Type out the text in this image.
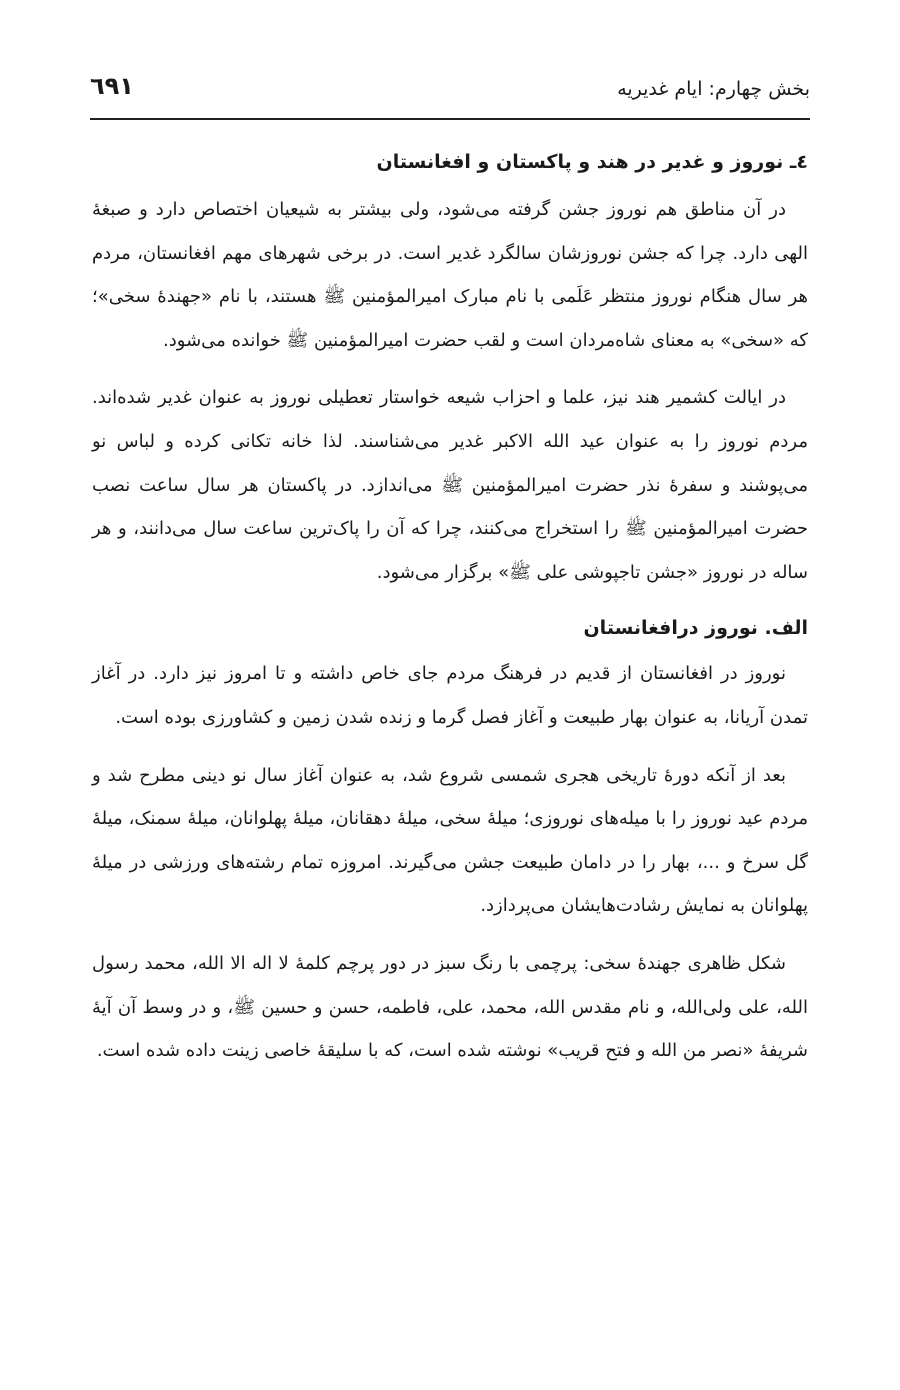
بخش چهارم: ایام غدیریه
٦٩١
٤ـ نوروز و غدیر در هند و پاکستان و افغانستان

در آن مناطق هم نوروز جشن گرفته می‌شود، ولی بیشتر به شیعیان اختصاص دارد و صبغهٔ الهی دارد. چرا که جشن نوروزشان سالگرد غدیر است. در برخی شهرهای مهم افغانستان، مردم هر سال هنگام نوروز منتظر عَلَمی با نام مبارک امیرالمؤمنین ﷺ هستند، با نام «جهندهٔ سخی»؛ که «سخی» به معنای شاه‌مردان است و لقب حضرت امیرالمؤمنین ﷺ خوانده می‌شود.

در ایالت کشمیر هند نیز، علما و احزاب شیعه خواستار تعطیلی نوروز به عنوان غدیر شده‌اند. مردم نوروز را به عنوان عید الله الاکبر غدیر می‌شناسند. لذا خانه تکانی کرده و لباس نو می‌پوشند و سفرهٔ نذر حضرت امیرالمؤمنین ﷺ می‌اندازد. در پاکستان هر سال ساعت نصب حضرت امیرالمؤمنین ﷺ را استخراج می‌کنند، چرا که آن را پاک‌ترین ساعت سال می‌دانند، و هر ساله در نوروز «جشن تاجپوشی علی ﷺ» برگزار می‌شود.

الف. نوروز درافغانستان

نوروز در افغانستان از قدیم در فرهنگ مردم جای خاص داشته و تا امروز نیز دارد. در آغاز تمدن آریانا، به عنوان بهار طبیعت و آغاز فصل گرما و زنده شدن زمین و کشاورزی بوده است.

بعد از آنکه دورهٔ تاریخی هجری شمسی شروع شد، به عنوان آغاز سال نو دینی مطرح شد و مردم عید نوروز را با میله‌های نوروزی؛ میلهٔ سخی، میلهٔ دهقانان، میلهٔ پهلوانان، میلهٔ سمنک، میلهٔ گل سرخ و ...، بهار را در دامان طبیعت جشن می‌گیرند. امروزه تمام رشته‌های ورزشی در میلهٔ پهلوانان به نمایش رشادت‌هایشان می‌پردازد.

شکل ظاهری جهندهٔ سخی: پرچمی با رنگ سبز در دور پرچم کلمهٔ لا اله الا الله، محمد رسول الله، علی ولی‌الله، و نام مقدس الله، محمد، علی، فاطمه، حسن و حسین ﷺ، و در وسط آن آیهٔ شریفهٔ «نصر من الله و فتح قریب» نوشته شده است، که با سلیقهٔ خاصی زینت داده شده است.
